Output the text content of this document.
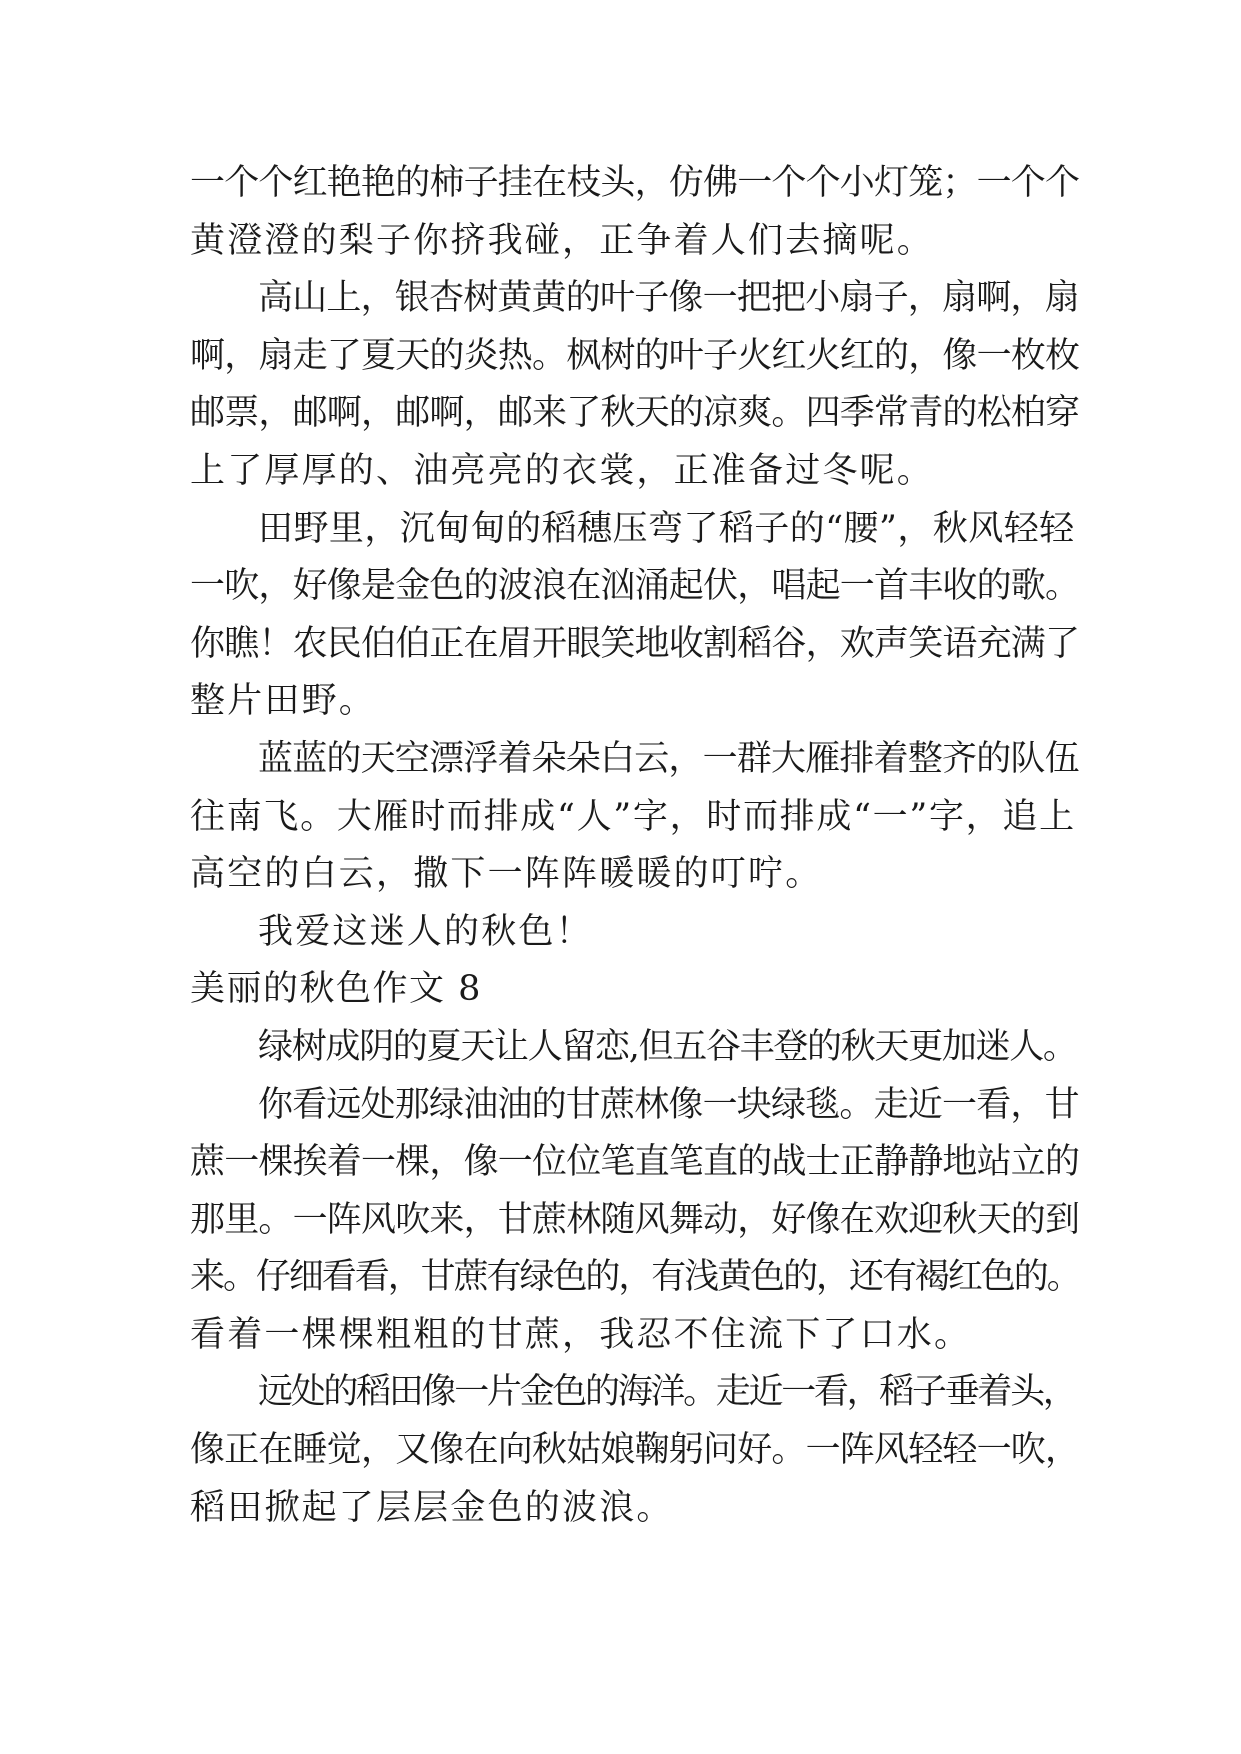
一个个红艳艳的柿子挂在枝头，仿佛一个个小灯笼；一个个
黄澄澄的梨子你挤我碰，正争着人们去摘呢。
高山上，银杏树黄黄的叶子像一把把小扇子，扇啊，扇
啊，扇走了夏天的炎热。枫树的叶子火红火红的，像一枚枚
邮票，邮啊，邮啊，邮来了秋天的凉爽。四季常青的松柏穿
上了厚厚的、油亮亮的衣裳，正准备过冬呢。
田野里，沉甸甸的稻穗压弯了稻子的“腰”，秋风轻轻
一吹，好像是金色的波浪在汹涌起伏，唱起一首丰收的歌。
你瞧！农民伯伯正在眉开眼笑地收割稻谷，欢声笑语充满了
整片田野。
蓝蓝的天空漂浮着朵朵白云，一群大雁排着整齐的队伍
往南飞。大雁时而排成“人”字，时而排成“一”字，追上
高空的白云，撒下一阵阵暖暖的叮咛。
我爱这迷人的秋色！
美丽的秋色作文 8
绿树成阴的夏天让人留恋,但五谷丰登的秋天更加迷人。
你看远处那绿油油的甘蔗林像一块绿毯。走近一看，甘
蔗一棵挨着一棵，像一位位笔直笔直的战士正静静地站立的
那里。一阵风吹来，甘蔗林随风舞动，好像在欢迎秋天的到
来。仔细看看，甘蔗有绿色的，有浅黄色的，还有褐红色的。
看着一棵棵粗粗的甘蔗，我忍不住流下了口水。
远处的稻田像一片金色的海洋。走近一看，稻子垂着头，
像正在睡觉，又像在向秋姑娘鞠躬问好。一阵风轻轻一吹，
稻田掀起了层层金色的波浪。
